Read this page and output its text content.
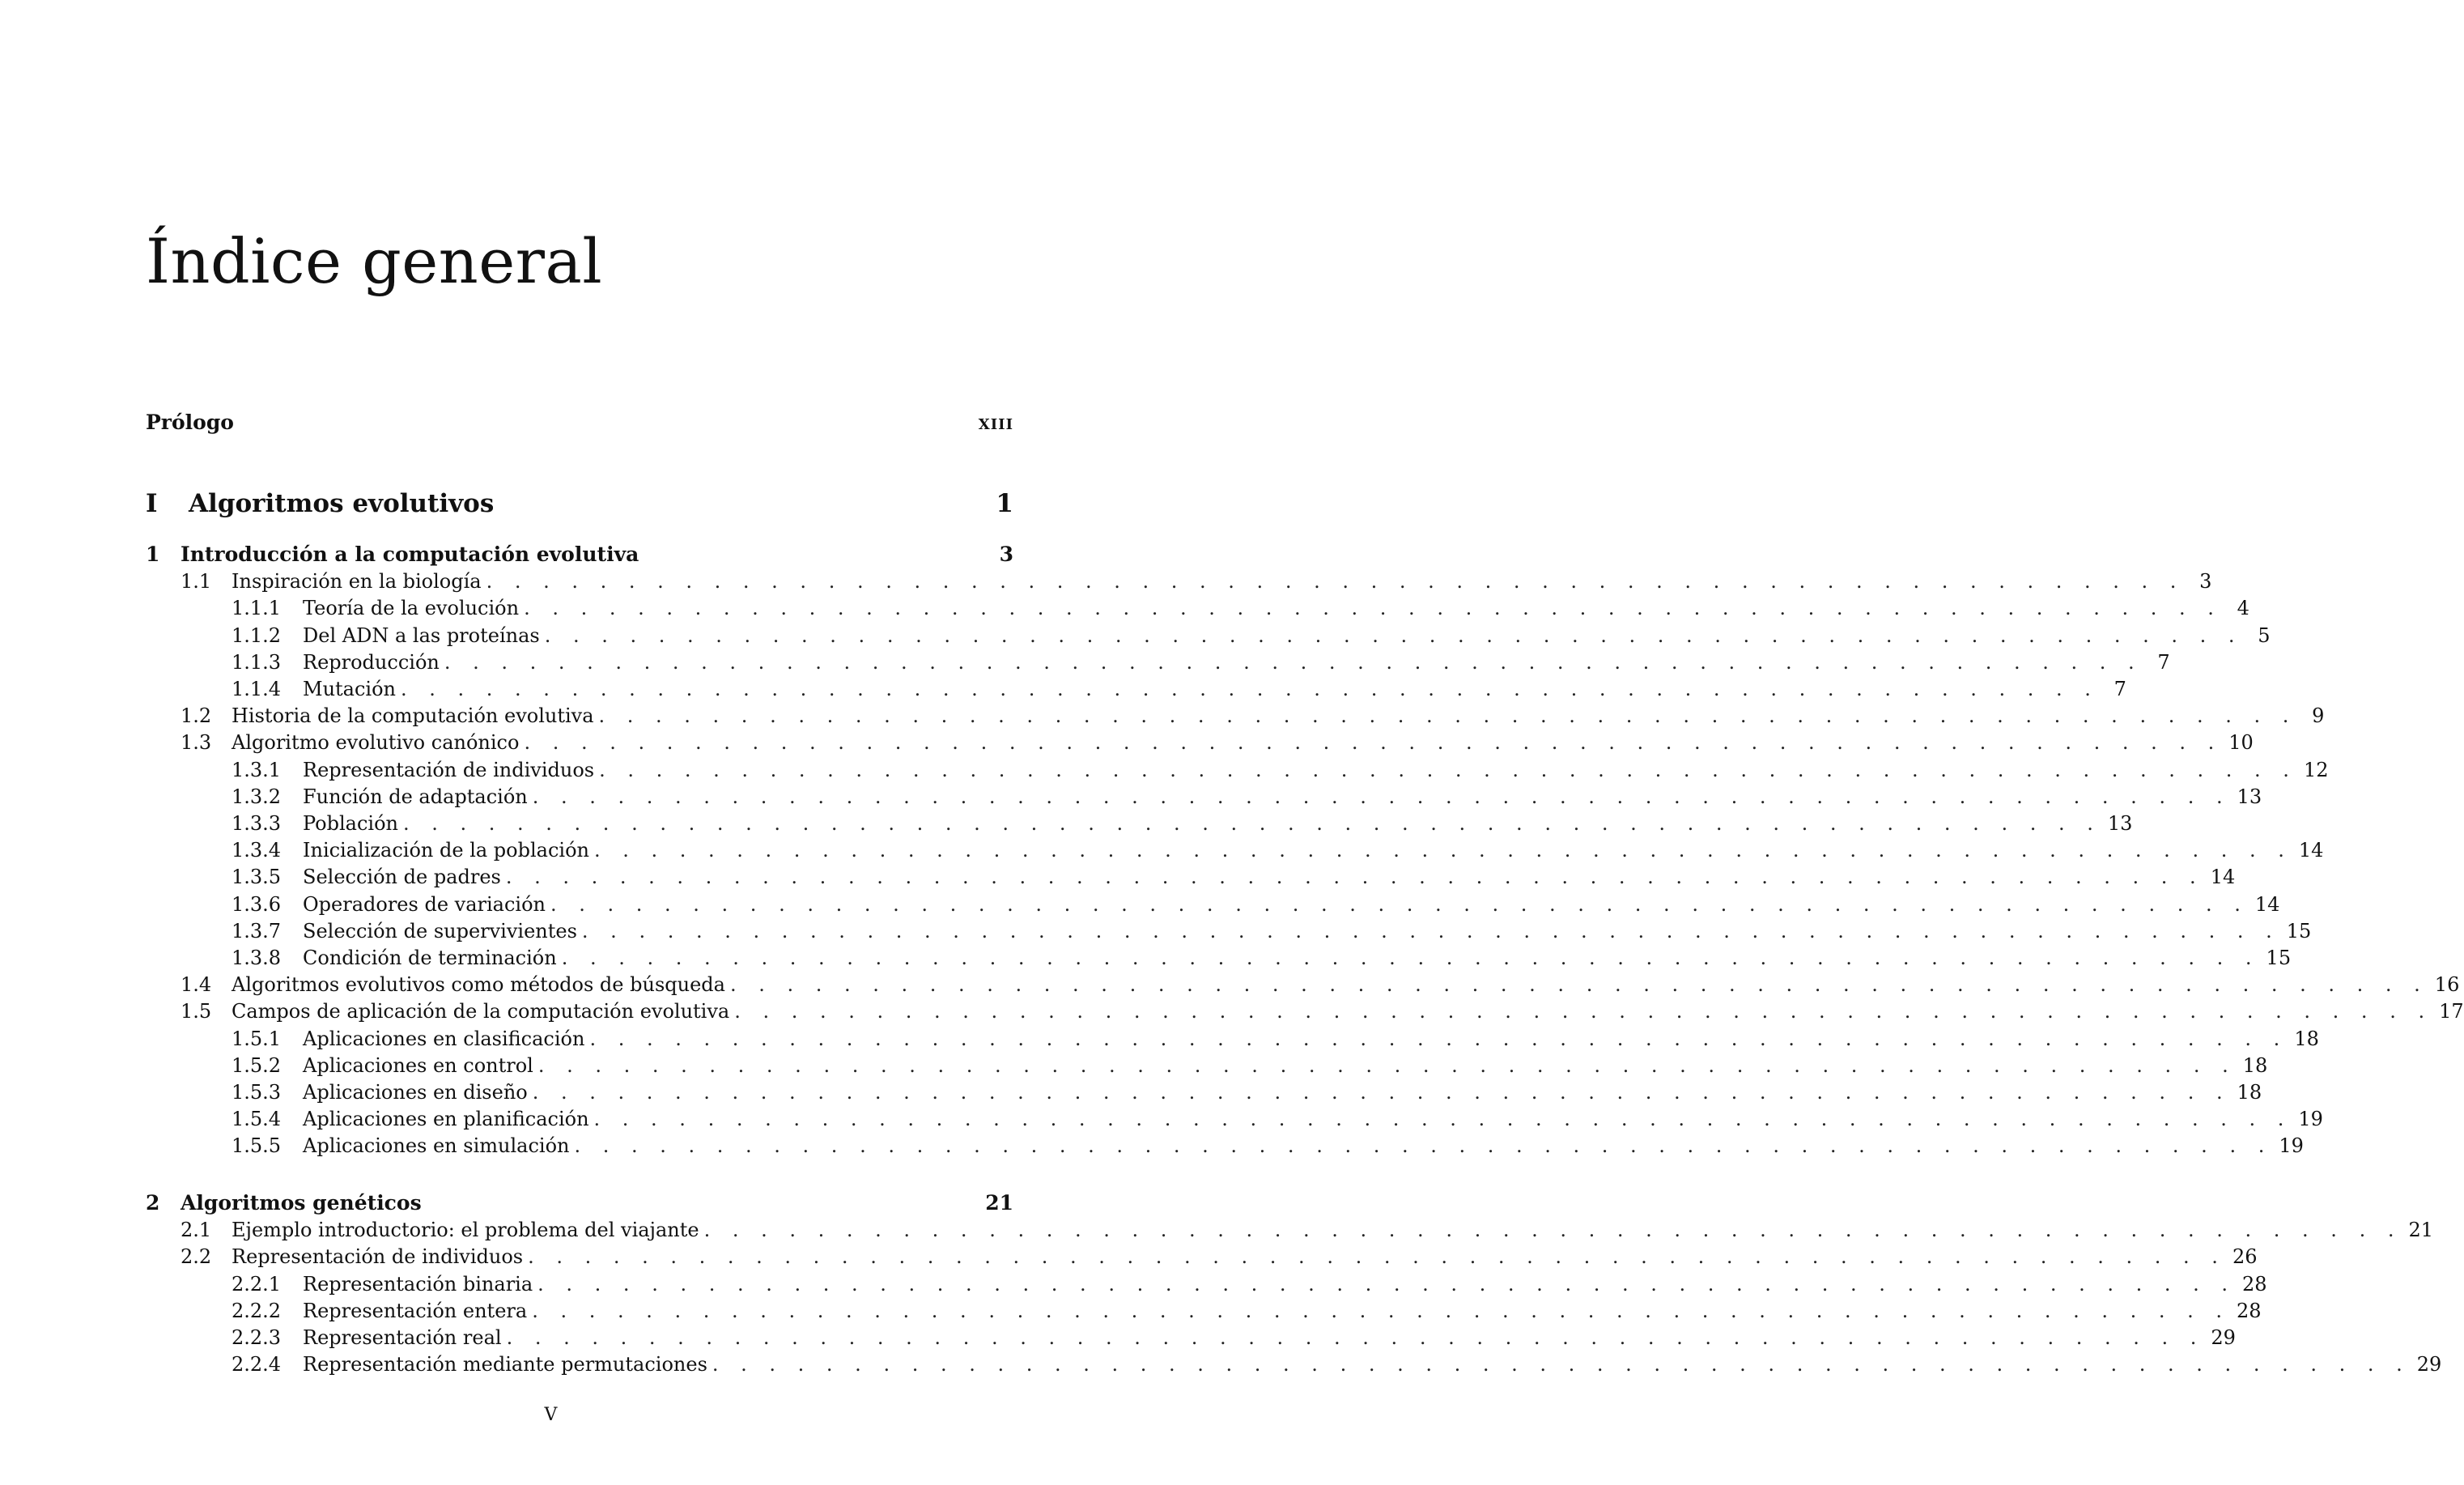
Índice general
Prólogo	xiii
I	Algoritmos evolutivos	1
1	Introducción a la computación evolutiva	3
1.1	Inspiración en la biología . . . . . . . . . . . . . . . . . . . . . . . . . . . . . . . . . . . . . . . . . . . . . . . . . . . . . . . . . . . . 3
1.1.1	Teoría de la evolución . . . . . . . . . . . . . . . . . . . . . . . . . . . . . . . . . . . . . . . . . . . . . . . . . . . . . . . . . . . . 4
1.1.2	Del ADN a las proteínas . . . . . . . . . . . . . . . . . . . . . . . . . . . . . . . . . . . . . . . . . . . . . . . . . . . . . . . . . . . . 5
1.1.3	Reproducción . . . . . . . . . . . . . . . . . . . . . . . . . . . . . . . . . . . . . . . . . . . . . . . . . . . . . . . . . . . . 7
1.1.4	Mutación . . . . . . . . . . . . . . . . . . . . . . . . . . . . . . . . . . . . . . . . . . . . . . . . . . . . . . . . . . . . 7
1.2	Historia de la computación evolutiva . . . . . . . . . . . . . . . . . . . . . . . . . . . . . . . . . . . . . . . . . . . . . . . . . . . . . . . . . . . . 9
1.3	Algoritmo evolutivo canónico . . . . . . . . . . . . . . . . . . . . . . . . . . . . . . . . . . . . . . . . . . . . . . . . . . . . . . . . . . . . 10
1.3.1	Representación de individuos . . . . . . . . . . . . . . . . . . . . . . . . . . . . . . . . . . . . . . . . . . . . . . . . . . . . . . . . . . . . 12
1.3.2	Función de adaptación . . . . . . . . . . . . . . . . . . . . . . . . . . . . . . . . . . . . . . . . . . . . . . . . . . . . . . . . . . . . 13
1.3.3	Población . . . . . . . . . . . . . . . . . . . . . . . . . . . . . . . . . . . . . . . . . . . . . . . . . . . . . . . . . . . . 13
1.3.4	Inicialización de la población . . . . . . . . . . . . . . . . . . . . . . . . . . . . . . . . . . . . . . . . . . . . . . . . . . . . . . . . . . . . 14
1.3.5	Selección de padres . . . . . . . . . . . . . . . . . . . . . . . . . . . . . . . . . . . . . . . . . . . . . . . . . . . . . . . . . . . . 14
1.3.6	Operadores de variación . . . . . . . . . . . . . . . . . . . . . . . . . . . . . . . . . . . . . . . . . . . . . . . . . . . . . . . . . . . . 14
1.3.7	Selección de supervivientes . . . . . . . . . . . . . . . . . . . . . . . . . . . . . . . . . . . . . . . . . . . . . . . . . . . . . . . . . . . . 15
1.3.8	Condición de terminación . . . . . . . . . . . . . . . . . . . . . . . . . . . . . . . . . . . . . . . . . . . . . . . . . . . . . . . . . . . . 15
1.4	Algoritmos evolutivos como métodos de búsqueda . . . . . . . . . . . . . . . . . . . . . . . . . . . . . . . . . . . . . . . . . . . . . . . . . . . . . . . . . . . . 16
1.5	Campos de aplicación de la computación evolutiva . . . . . . . . . . . . . . . . . . . . . . . . . . . . . . . . . . . . . . . . . . . . . . . . . . . . . . . . . . . . 17
1.5.1	Aplicaciones en clasificación . . . . . . . . . . . . . . . . . . . . . . . . . . . . . . . . . . . . . . . . . . . . . . . . . . . . . . . . . . . . 18
1.5.2	Aplicaciones en control . . . . . . . . . . . . . . . . . . . . . . . . . . . . . . . . . . . . . . . . . . . . . . . . . . . . . . . . . . . . 18
1.5.3	Aplicaciones en diseño . . . . . . . . . . . . . . . . . . . . . . . . . . . . . . . . . . . . . . . . . . . . . . . . . . . . . . . . . . . . 18
1.5.4	Aplicaciones en planificación . . . . . . . . . . . . . . . . . . . . . . . . . . . . . . . . . . . . . . . . . . . . . . . . . . . . . . . . . . . . 19
1.5.5	Aplicaciones en simulación . . . . . . . . . . . . . . . . . . . . . . . . . . . . . . . . . . . . . . . . . . . . . . . . . . . . . . . . . . . . 19
2	Algoritmos genéticos	21
2.1	Ejemplo introductorio: el problema del viajante . . . . . . . . . . . . . . . . . . . . . . . . . . . . . . . . . . . . . . . . . . . . . . . . . . . . . . . . . . . . 21
2.2	Representación de individuos . . . . . . . . . . . . . . . . . . . . . . . . . . . . . . . . . . . . . . . . . . . . . . . . . . . . . . . . . . . . 26
2.2.1	Representación binaria . . . . . . . . . . . . . . . . . . . . . . . . . . . . . . . . . . . . . . . . . . . . . . . . . . . . . . . . . . . . 28
2.2.2	Representación entera . . . . . . . . . . . . . . . . . . . . . . . . . . . . . . . . . . . . . . . . . . . . . . . . . . . . . . . . . . . . 28
2.2.3	Representación real . . . . . . . . . . . . . . . . . . . . . . . . . . . . . . . . . . . . . . . . . . . . . . . . . . . . . . . . . . . . 29
2.2.4	Representación mediante permutaciones . . . . . . . . . . . . . . . . . . . . . . . . . . . . . . . . . . . . . . . . . . . . . . . . . . . . . . . . . . . . 29
V
